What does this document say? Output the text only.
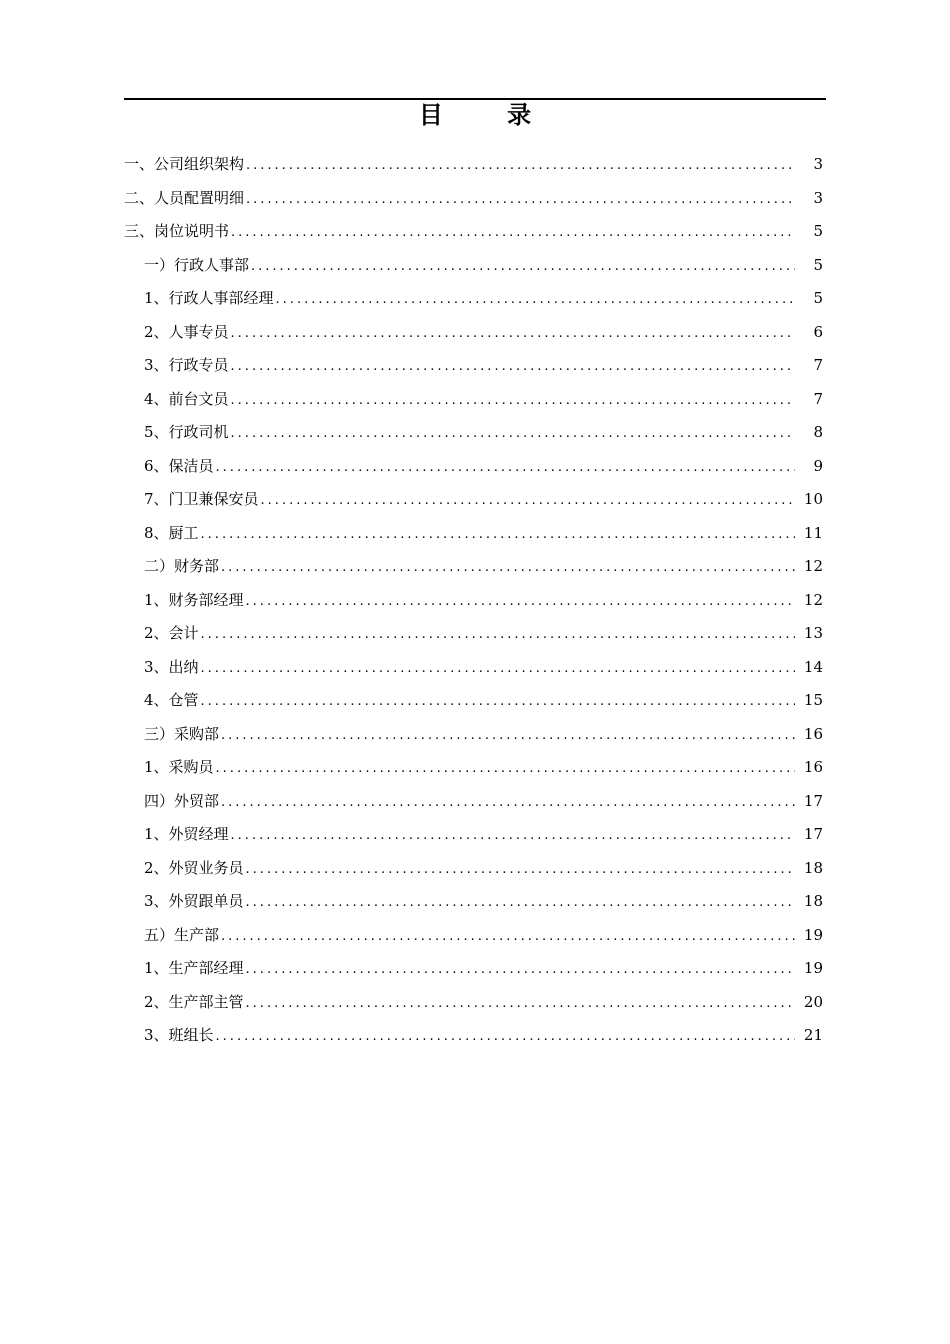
目 录
一、公司组织架构 .....	3
二、人员配置明细 .....	3
三、岗位说明书 .....	5
一）行政人事部 .....	5
1、行政人事部经理 .....	5
2、人事专员 .....	6
3、行政专员 .....	7
4、前台文员 .....	7
5、行政司机 .....	8
6、保洁员 .....	9
7、门卫兼保安员 .....	10
8、厨工 .....	11
二）财务部 .....	12
1、财务部经理 .....	12
2、会计 .....	13
3、出纳 .....	14
4、仓管 .....	15
三）采购部 .....	16
1、采购员 .....	16
四）外贸部 .....	17
1、外贸经理 .....	17
2、外贸业务员 .....	18
3、外贸跟单员 .....	18
五）生产部 .....	19
1、生产部经理 .....	19
2、生产部主管 .....	20
3、班组长 .....	21
